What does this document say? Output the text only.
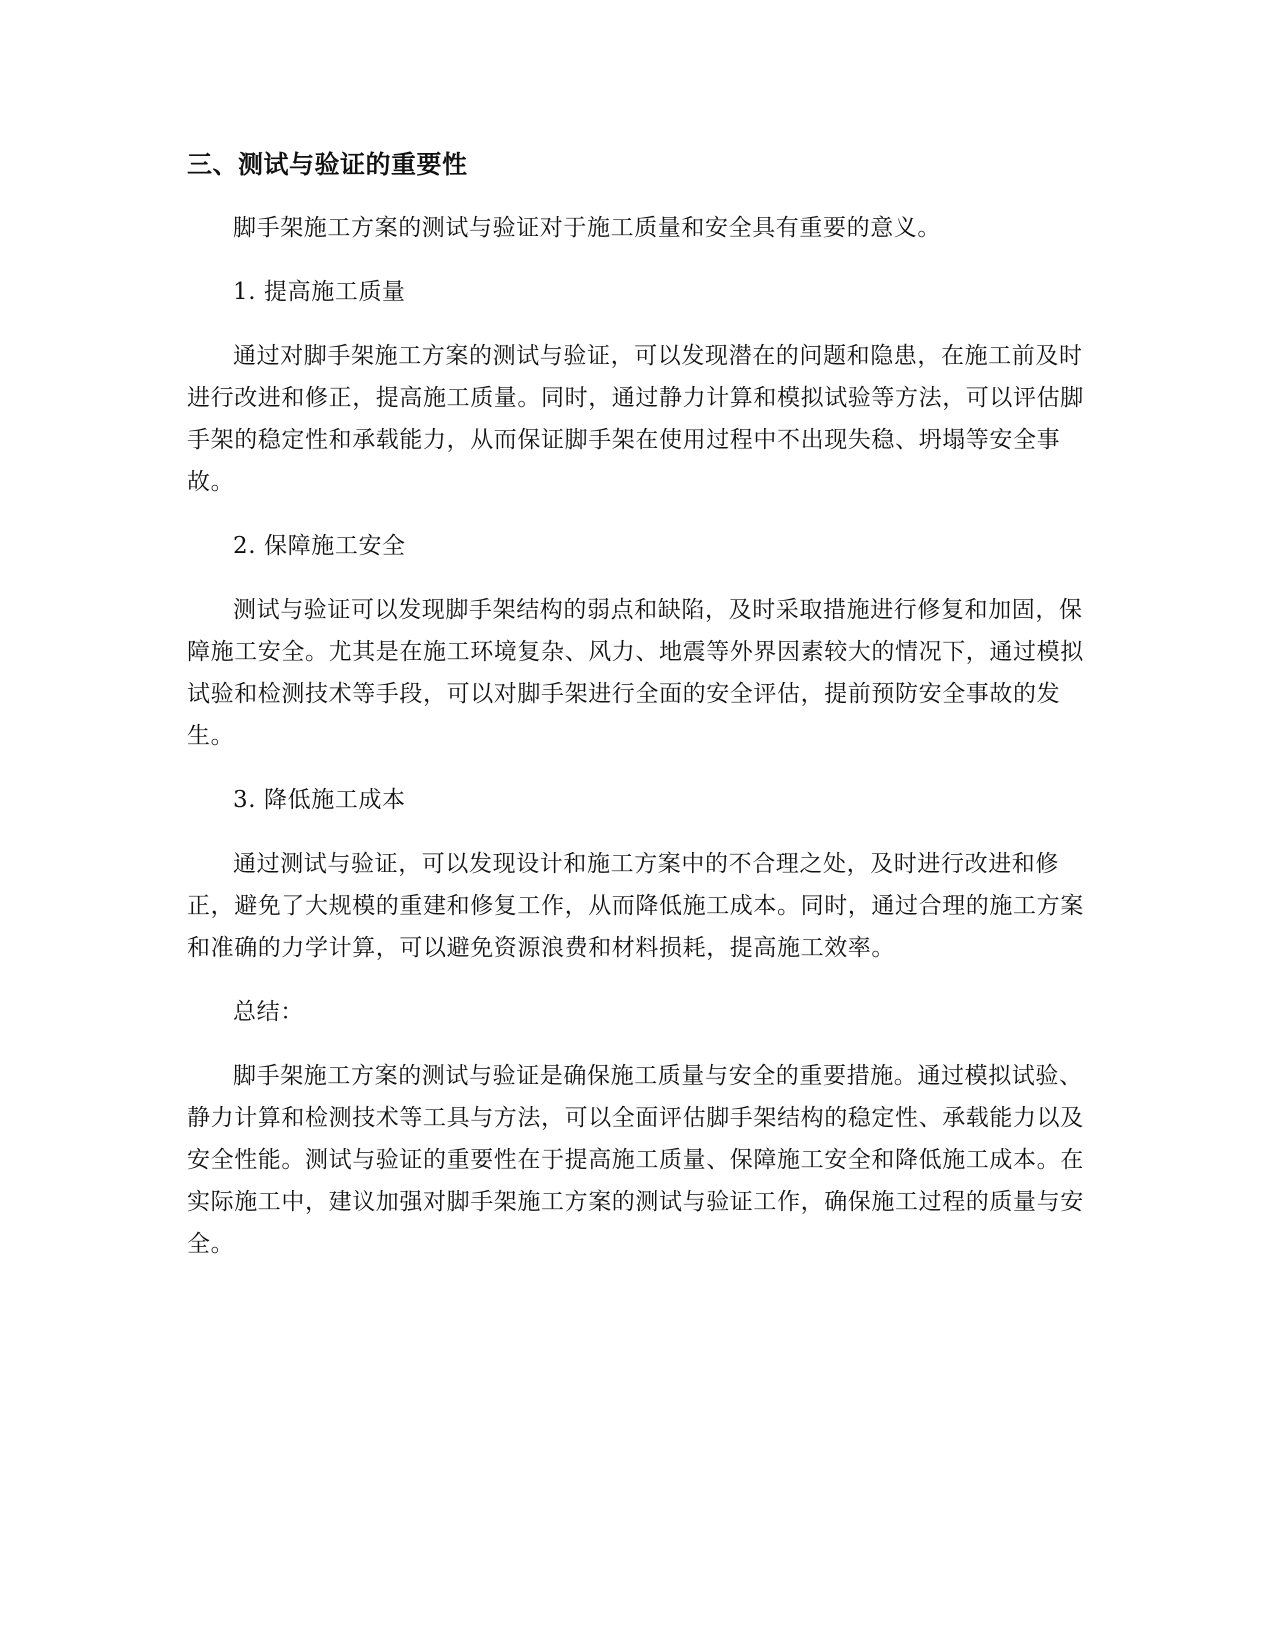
三、测试与验证的重要性

脚手架施工方案的测试与验证对于施工质量和安全具有重要的意义。

1. 提高施工质量

通过对脚手架施工方案的测试与验证，可以发现潜在的问题和隐患，在施工前及时进行改进和修正，提高施工质量。同时，通过静力计算和模拟试验等方法，可以评估脚手架的稳定性和承载能力，从而保证脚手架在使用过程中不出现失稳、坍塌等安全事故。

2. 保障施工安全

测试与验证可以发现脚手架结构的弱点和缺陷，及时采取措施进行修复和加固，保障施工安全。尤其是在施工环境复杂、风力、地震等外界因素较大的情况下，通过模拟试验和检测技术等手段，可以对脚手架进行全面的安全评估，提前预防安全事故的发生。

3. 降低施工成本

通过测试与验证，可以发现设计和施工方案中的不合理之处，及时进行改进和修正，避免了大规模的重建和修复工作，从而降低施工成本。同时，通过合理的施工方案和准确的力学计算，可以避免资源浪费和材料损耗，提高施工效率。

总结：

脚手架施工方案的测试与验证是确保施工质量与安全的重要措施。通过模拟试验、静力计算和检测技术等工具与方法，可以全面评估脚手架结构的稳定性、承载能力以及安全性能。测试与验证的重要性在于提高施工质量、保障施工安全和降低施工成本。在实际施工中，建议加强对脚手架施工方案的测试与验证工作，确保施工过程的质量与安全。
